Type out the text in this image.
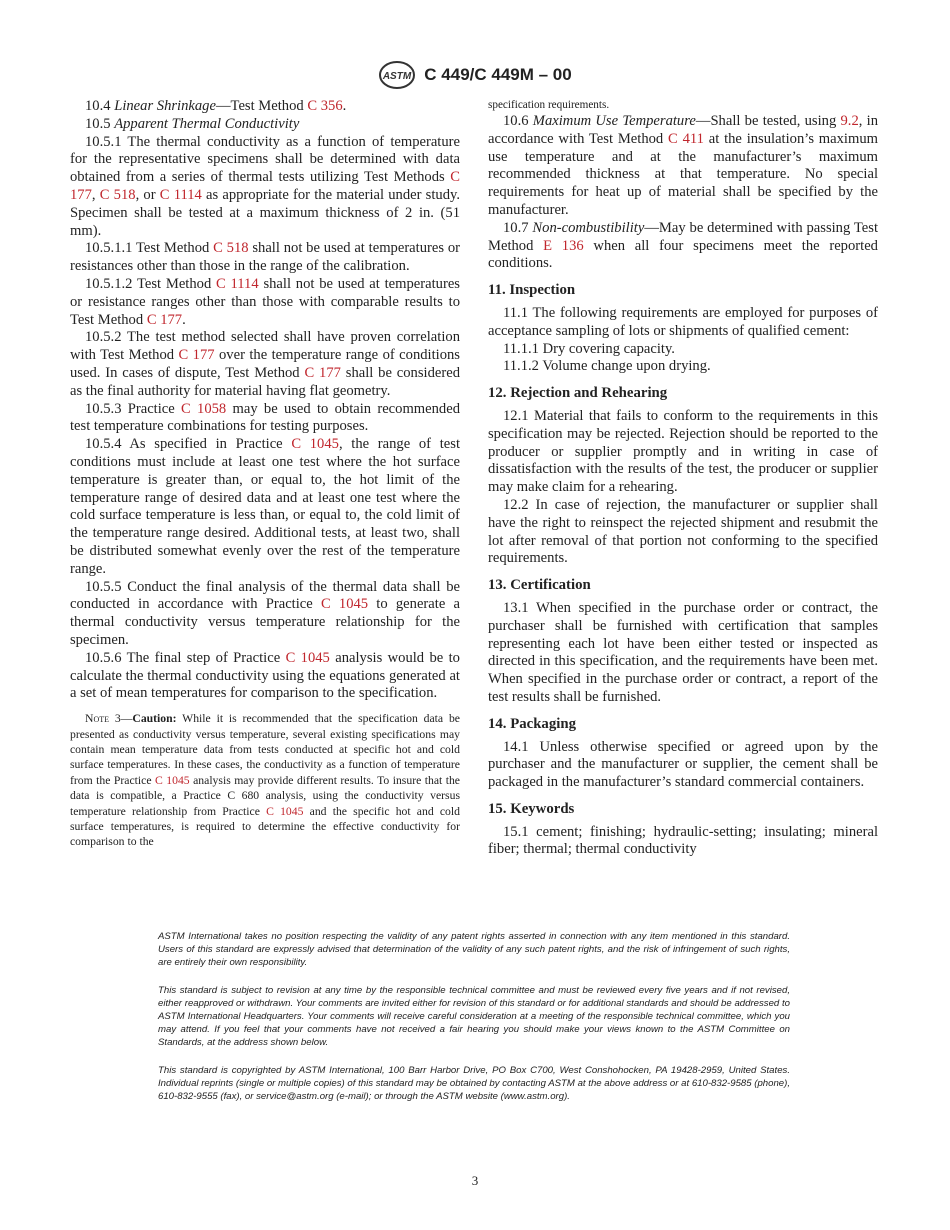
ASTM C 449/C 449M – 00

10.4 Linear Shrinkage—Test Method C 356.

10.5 Apparent Thermal Conductivity

10.5.1 The thermal conductivity as a function of temperature for the representative specimens shall be determined with data obtained from a series of thermal tests utilizing Test Methods C 177, C 518, or C 1114 as appropriate for the material under study. Specimen shall be tested at a maximum thickness of 2 in. (51 mm).

10.5.1.1 Test Method C 518 shall not be used at temperatures or resistances other than those in the range of the calibration.

10.5.1.2 Test Method C 1114 shall not be used at temperatures or resistance ranges other than those with comparable results to Test Method C 177.

10.5.2 The test method selected shall have proven correlation with Test Method C 177 over the temperature range of conditions used. In cases of dispute, Test Method C 177 shall be considered as the final authority for material having flat geometry.

10.5.3 Practice C 1058 may be used to obtain recommended test temperature combinations for testing purposes.

10.5.4 As specified in Practice C 1045, the range of test conditions must include at least one test where the hot surface temperature is greater than, or equal to, the hot limit of the temperature range of desired data and at least one test where the cold surface temperature is less than, or equal to, the cold limit of the temperature range desired. Additional tests, at least two, shall be distributed somewhat evenly over the rest of the temperature range.

10.5.5 Conduct the final analysis of the thermal data shall be conducted in accordance with Practice C 1045 to generate a thermal conductivity versus temperature relationship for the specimen.

10.5.6 The final step of Practice C 1045 analysis would be to calculate the thermal conductivity using the equations generated at a set of mean temperatures for comparison to the specification.

Note 3—Caution: While it is recommended that the specification data be presented as conductivity versus temperature, several existing specifications may contain mean temperature data from tests conducted at specific hot and cold surface temperatures. In these cases, the conductivity as a function of temperature from the Practice C 1045 analysis may provide different results. To insure that the data is compatible, a Practice C 680 analysis, using the conductivity versus temperature relationship from Practice C 1045 and the specific hot and cold surface temperatures, is required to determine the effective conductivity for comparison to the

specification requirements.

10.6 Maximum Use Temperature—Shall be tested, using 9.2, in accordance with Test Method C 411 at the insulation’s maximum use temperature and at the manufacturer’s maximum recommended thickness at that temperature. No special requirements for heat up of material shall be specified by the manufacturer.

10.7 Non-combustibility—May be determined with passing Test Method E 136 when all four specimens meet the reported conditions.

11. Inspection

11.1 The following requirements are employed for purposes of acceptance sampling of lots or shipments of qualified cement:

11.1.1 Dry covering capacity.

11.1.2 Volume change upon drying.

12. Rejection and Rehearing

12.1 Material that fails to conform to the requirements in this specification may be rejected. Rejection should be reported to the producer or supplier promptly and in writing in case of dissatisfaction with the results of the test, the producer or supplier may make claim for a rehearing.

12.2 In case of rejection, the manufacturer or supplier shall have the right to reinspect the rejected shipment and resubmit the lot after removal of that portion not conforming to the specified requirements.

13. Certification

13.1 When specified in the purchase order or contract, the purchaser shall be furnished with certification that samples representing each lot have been either tested or inspected as directed in this specification, and the requirements have been met. When specified in the purchase order or contract, a report of the test results shall be furnished.

14. Packaging

14.1 Unless otherwise specified or agreed upon by the purchaser and the manufacturer or supplier, the cement shall be packaged in the manufacturer’s standard commercial containers.

15. Keywords

15.1 cement; finishing; hydraulic-setting; insulating; mineral fiber; thermal; thermal conductivity

ASTM International takes no position respecting the validity of any patent rights asserted in connection with any item mentioned in this standard. Users of this standard are expressly advised that determination of the validity of any such patent rights, and the risk of infringement of such rights, are entirely their own responsibility.

This standard is subject to revision at any time by the responsible technical committee and must be reviewed every five years and if not revised, either reapproved or withdrawn. Your comments are invited either for revision of this standard or for additional standards and should be addressed to ASTM International Headquarters. Your comments will receive careful consideration at a meeting of the responsible technical committee, which you may attend. If you feel that your comments have not received a fair hearing you should make your views known to the ASTM Committee on Standards, at the address shown below.

This standard is copyrighted by ASTM International, 100 Barr Harbor Drive, PO Box C700, West Conshohocken, PA 19428-2959, United States. Individual reprints (single or multiple copies) of this standard may be obtained by contacting ASTM at the above address or at 610-832-9585 (phone), 610-832-9555 (fax), or service@astm.org (e-mail); or through the ASTM website (www.astm.org).

3
